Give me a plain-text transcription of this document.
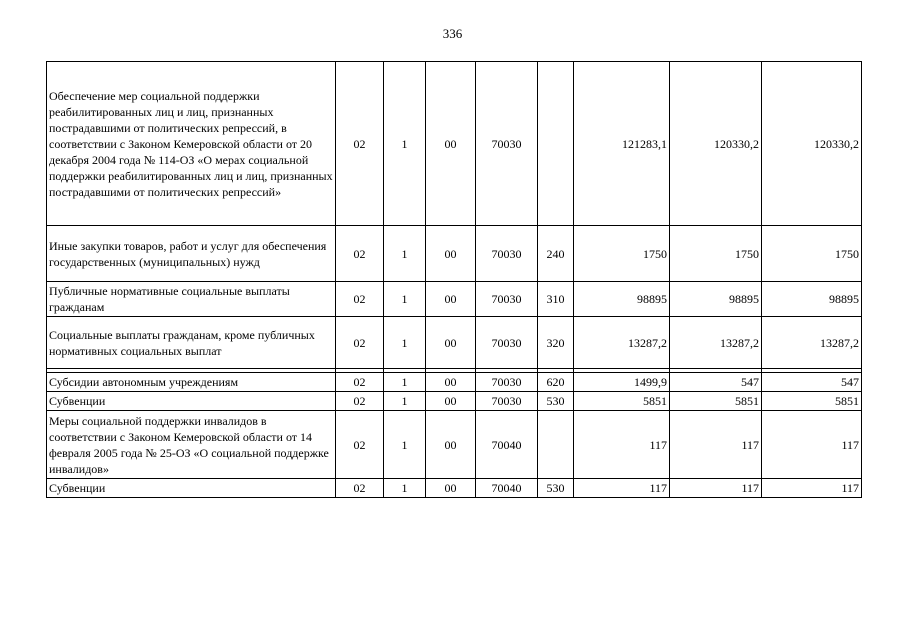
336
Обеспечение мер социальной поддержки реабилитированных лиц и лиц, признанных пострадавшими от политических репрессий, в соответствии с Законом Кемеровской области от 20 декабря 2004 года № 114-ОЗ «О мерах социальной поддержки реабилитированных лиц и лиц, признанных пострадавшими от политических репрессий»	02	1	00	70030		121283,1	120330,2	120330,2
Иные закупки товаров, работ и услуг для обеспечения государственных (муниципальных) нужд	02	1	00	70030	240	1750	1750	1750
Публичные нормативные социальные выплаты гражданам	02	1	00	70030	310	98895	98895	98895
Социальные выплаты гражданам, кроме публичных нормативных социальных выплат	02	1	00	70030	320	13287,2	13287,2	13287,2

Субсидии автономным учреждениям	02	1	00	70030	620	1499,9	547	547
Субвенции	02	1	00	70030	530	5851	5851	5851
Меры социальной поддержки инвалидов в соответствии с Законом Кемеровской области от 14 февраля 2005 года № 25-ОЗ «О социальной поддержке инвалидов»	02	1	00	70040		117	117	117
Субвенции	02	1	00	70040	530	117	117	117
